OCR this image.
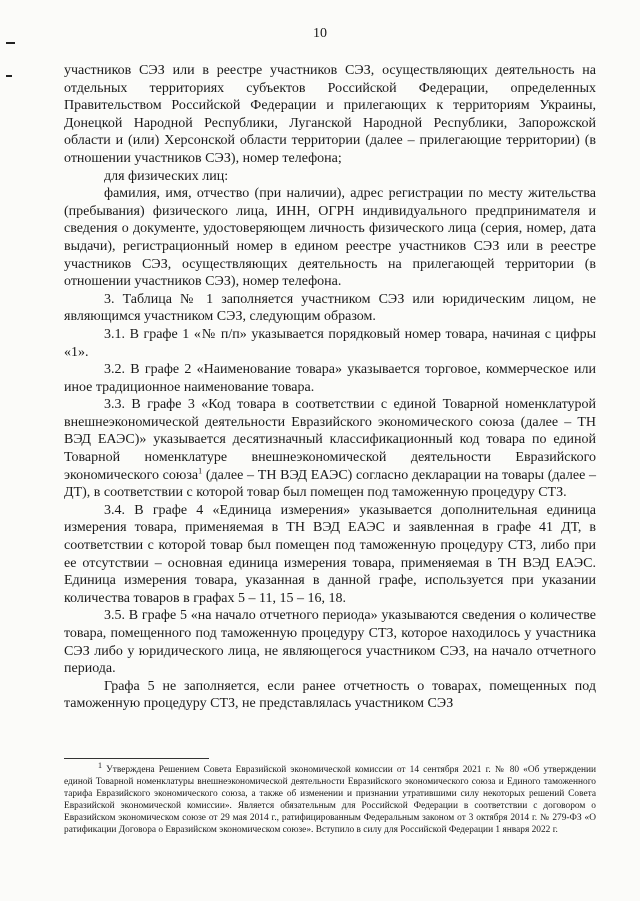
10

участников СЭЗ или в реестре участников СЭЗ, осуществляющих деятельность на отдельных территориях субъектов Российской Федерации, определенных Правительством Российской Федерации и прилегающих к территориям Украины, Донецкой Народной Республики, Луганской Народной Республики, Запорожской области и (или) Херсонской области территории (далее – прилегающие территории) (в отношении участников СЭЗ), номер телефона;

для физических лиц:

фамилия, имя, отчество (при наличии), адрес регистрации по месту жительства (пребывания) физического лица, ИНН, ОГРН индивидуального предпринимателя и сведения о документе, удостоверяющем личность физического лица (серия, номер, дата выдачи), регистрационный номер в едином реестре участников СЭЗ или в реестре участников СЭЗ, осуществляющих деятельность на прилегающей территории (в отношении участников СЭЗ), номер телефона.

3. Таблица № 1 заполняется участником СЭЗ или юридическим лицом, не являющимся участником СЭЗ, следующим образом.

3.1. В графе 1 «№ п/п» указывается порядковый номер товара, начиная с цифры «1».

3.2. В графе 2 «Наименование товара» указывается торговое, коммерческое или иное традиционное наименование товара.

3.3. В графе 3 «Код товара в соответствии с единой Товарной номенклатурой внешнеэкономической деятельности Евразийского экономического союза (далее – ТН ВЭД ЕАЭС)» указывается десятизначный классификационный код товара по единой Товарной номенклатуре внешнеэкономической деятельности Евразийского экономического союза$^1$ (далее – ТН ВЭД ЕАЭС) согласно декларации на товары (далее – ДТ), в соответствии с которой товар был помещен под таможенную процедуру СТЗ.

3.4. В графе 4 «Единица измерения» указывается дополнительная единица измерения товара, применяемая в ТН ВЭД ЕАЭС и заявленная в графе 41 ДТ, в соответствии с которой товар был помещен под таможенную процедуру СТЗ, либо при ее отсутствии – основная единица измерения товара, применяемая в ТН ВЭД ЕАЭС. Единица измерения товара, указанная в данной графе, используется при указании количества товаров в графах 5 – 11, 15 – 16, 18.

3.5. В графе 5 «на начало отчетного периода» указываются сведения о количестве товара, помещенного под таможенную процедуру СТЗ, которое находилось у участника СЭЗ либо у юридического лица, не являющегося участником СЭЗ, на начало отчетного периода.

Графа 5 не заполняется, если ранее отчетность о товарах, помещенных под таможенную процедуру СТЗ, не представлялась участником СЭЗ

$^1$ Утверждена Решением Совета Евразийской экономической комиссии от 14 сентября 2021 г. № 80 «Об утверждении единой Товарной номенклатуры внешнеэкономической деятельности Евразийского экономического союза и Единого таможенного тарифа Евразийского экономического союза, а также об изменении и признании утратившими силу некоторых решений Совета Евразийской экономической комиссии». Является обязательным для Российской Федерации в соответствии с договором о Евразийском экономическом союзе от 29 мая 2014 г., ратифицированным Федеральным законом от 3 октября 2014 г. № 279-ФЗ «О ратификации Договора о Евразийском экономическом союзе». Вступило в силу для Российской Федерации 1 января 2022 г.
